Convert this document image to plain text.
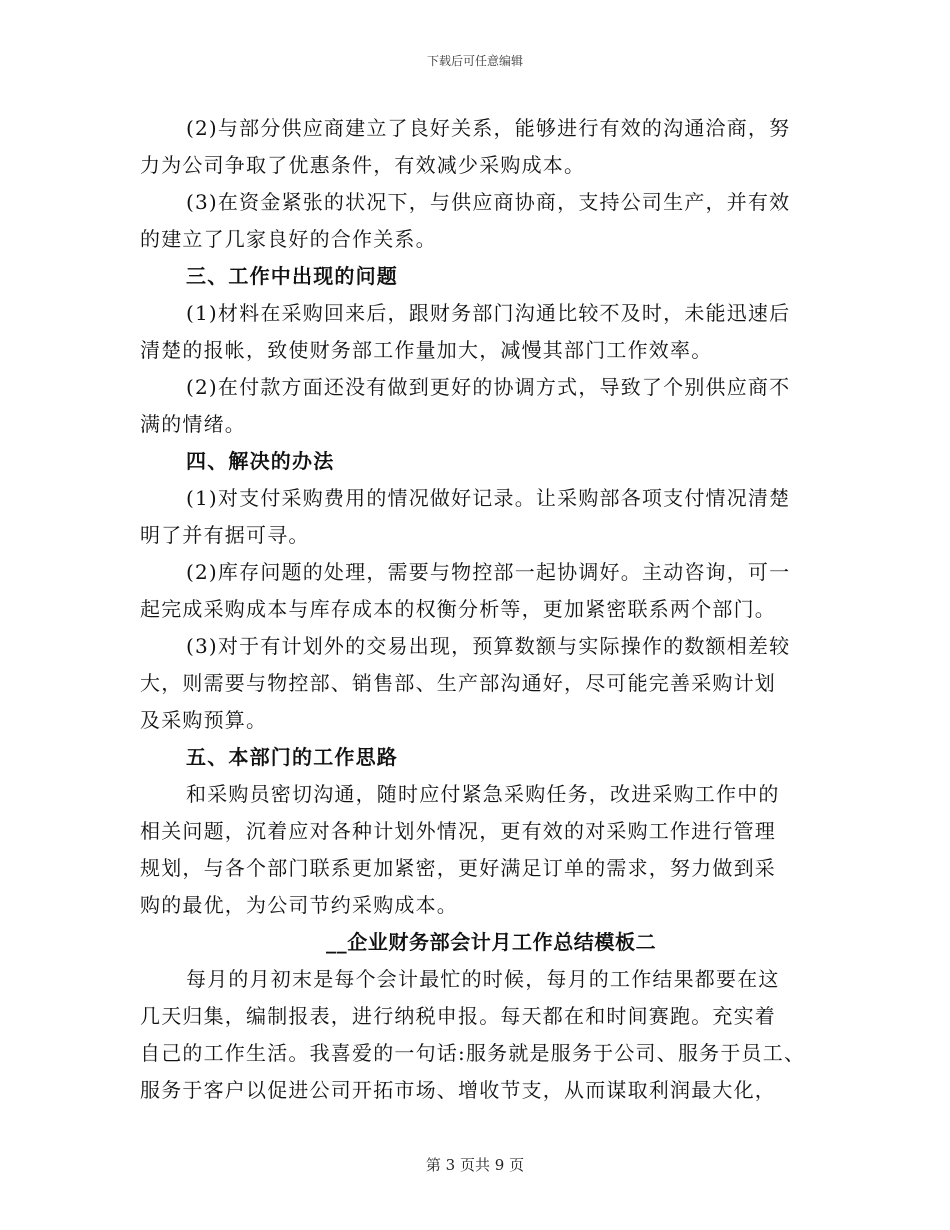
下载后可任意编辑
(2)与部分供应商建立了良好关系，能够进行有效的沟通洽商，努
力为公司争取了优惠条件，有效减少采购成本。
(3)在资金紧张的状况下，与供应商协商，支持公司生产，并有效
的建立了几家良好的合作关系。
三、工作中出现的问题
(1)材料在采购回来后，跟财务部门沟通比较不及时，未能迅速后
清楚的报帐，致使财务部工作量加大，减慢其部门工作效率。
(2)在付款方面还没有做到更好的协调方式，导致了个别供应商不
满的情绪。
四、解决的办法
(1)对支付采购费用的情况做好记录。让采购部各项支付情况清楚
明了并有据可寻。
(2)库存问题的处理，需要与物控部一起协调好。主动咨询，可一
起完成采购成本与库存成本的权衡分析等，更加紧密联系两个部门。
(3)对于有计划外的交易出现，预算数额与实际操作的数额相差较
大，则需要与物控部、销售部、生产部沟通好，尽可能完善采购计划
及采购预算。
五、本部门的工作思路
和采购员密切沟通，随时应付紧急采购任务，改进采购工作中的
相关问题，沉着应对各种计划外情况，更有效的对采购工作进行管理
规划，与各个部门联系更加紧密，更好满足订单的需求，努力做到采
购的最优，为公司节约采购成本。
__企业财务部会计月工作总结模板二
每月的月初末是每个会计最忙的时候，每月的工作结果都要在这
几天归集，编制报表，进行纳税申报。每天都在和时间赛跑。充实着
自己的工作生活。我喜爱的一句话:服务就是服务于公司、服务于员工、
服务于客户以促进公司开拓市场、增收节支，从而谋取利润最大化，
第 3 页共 9 页
